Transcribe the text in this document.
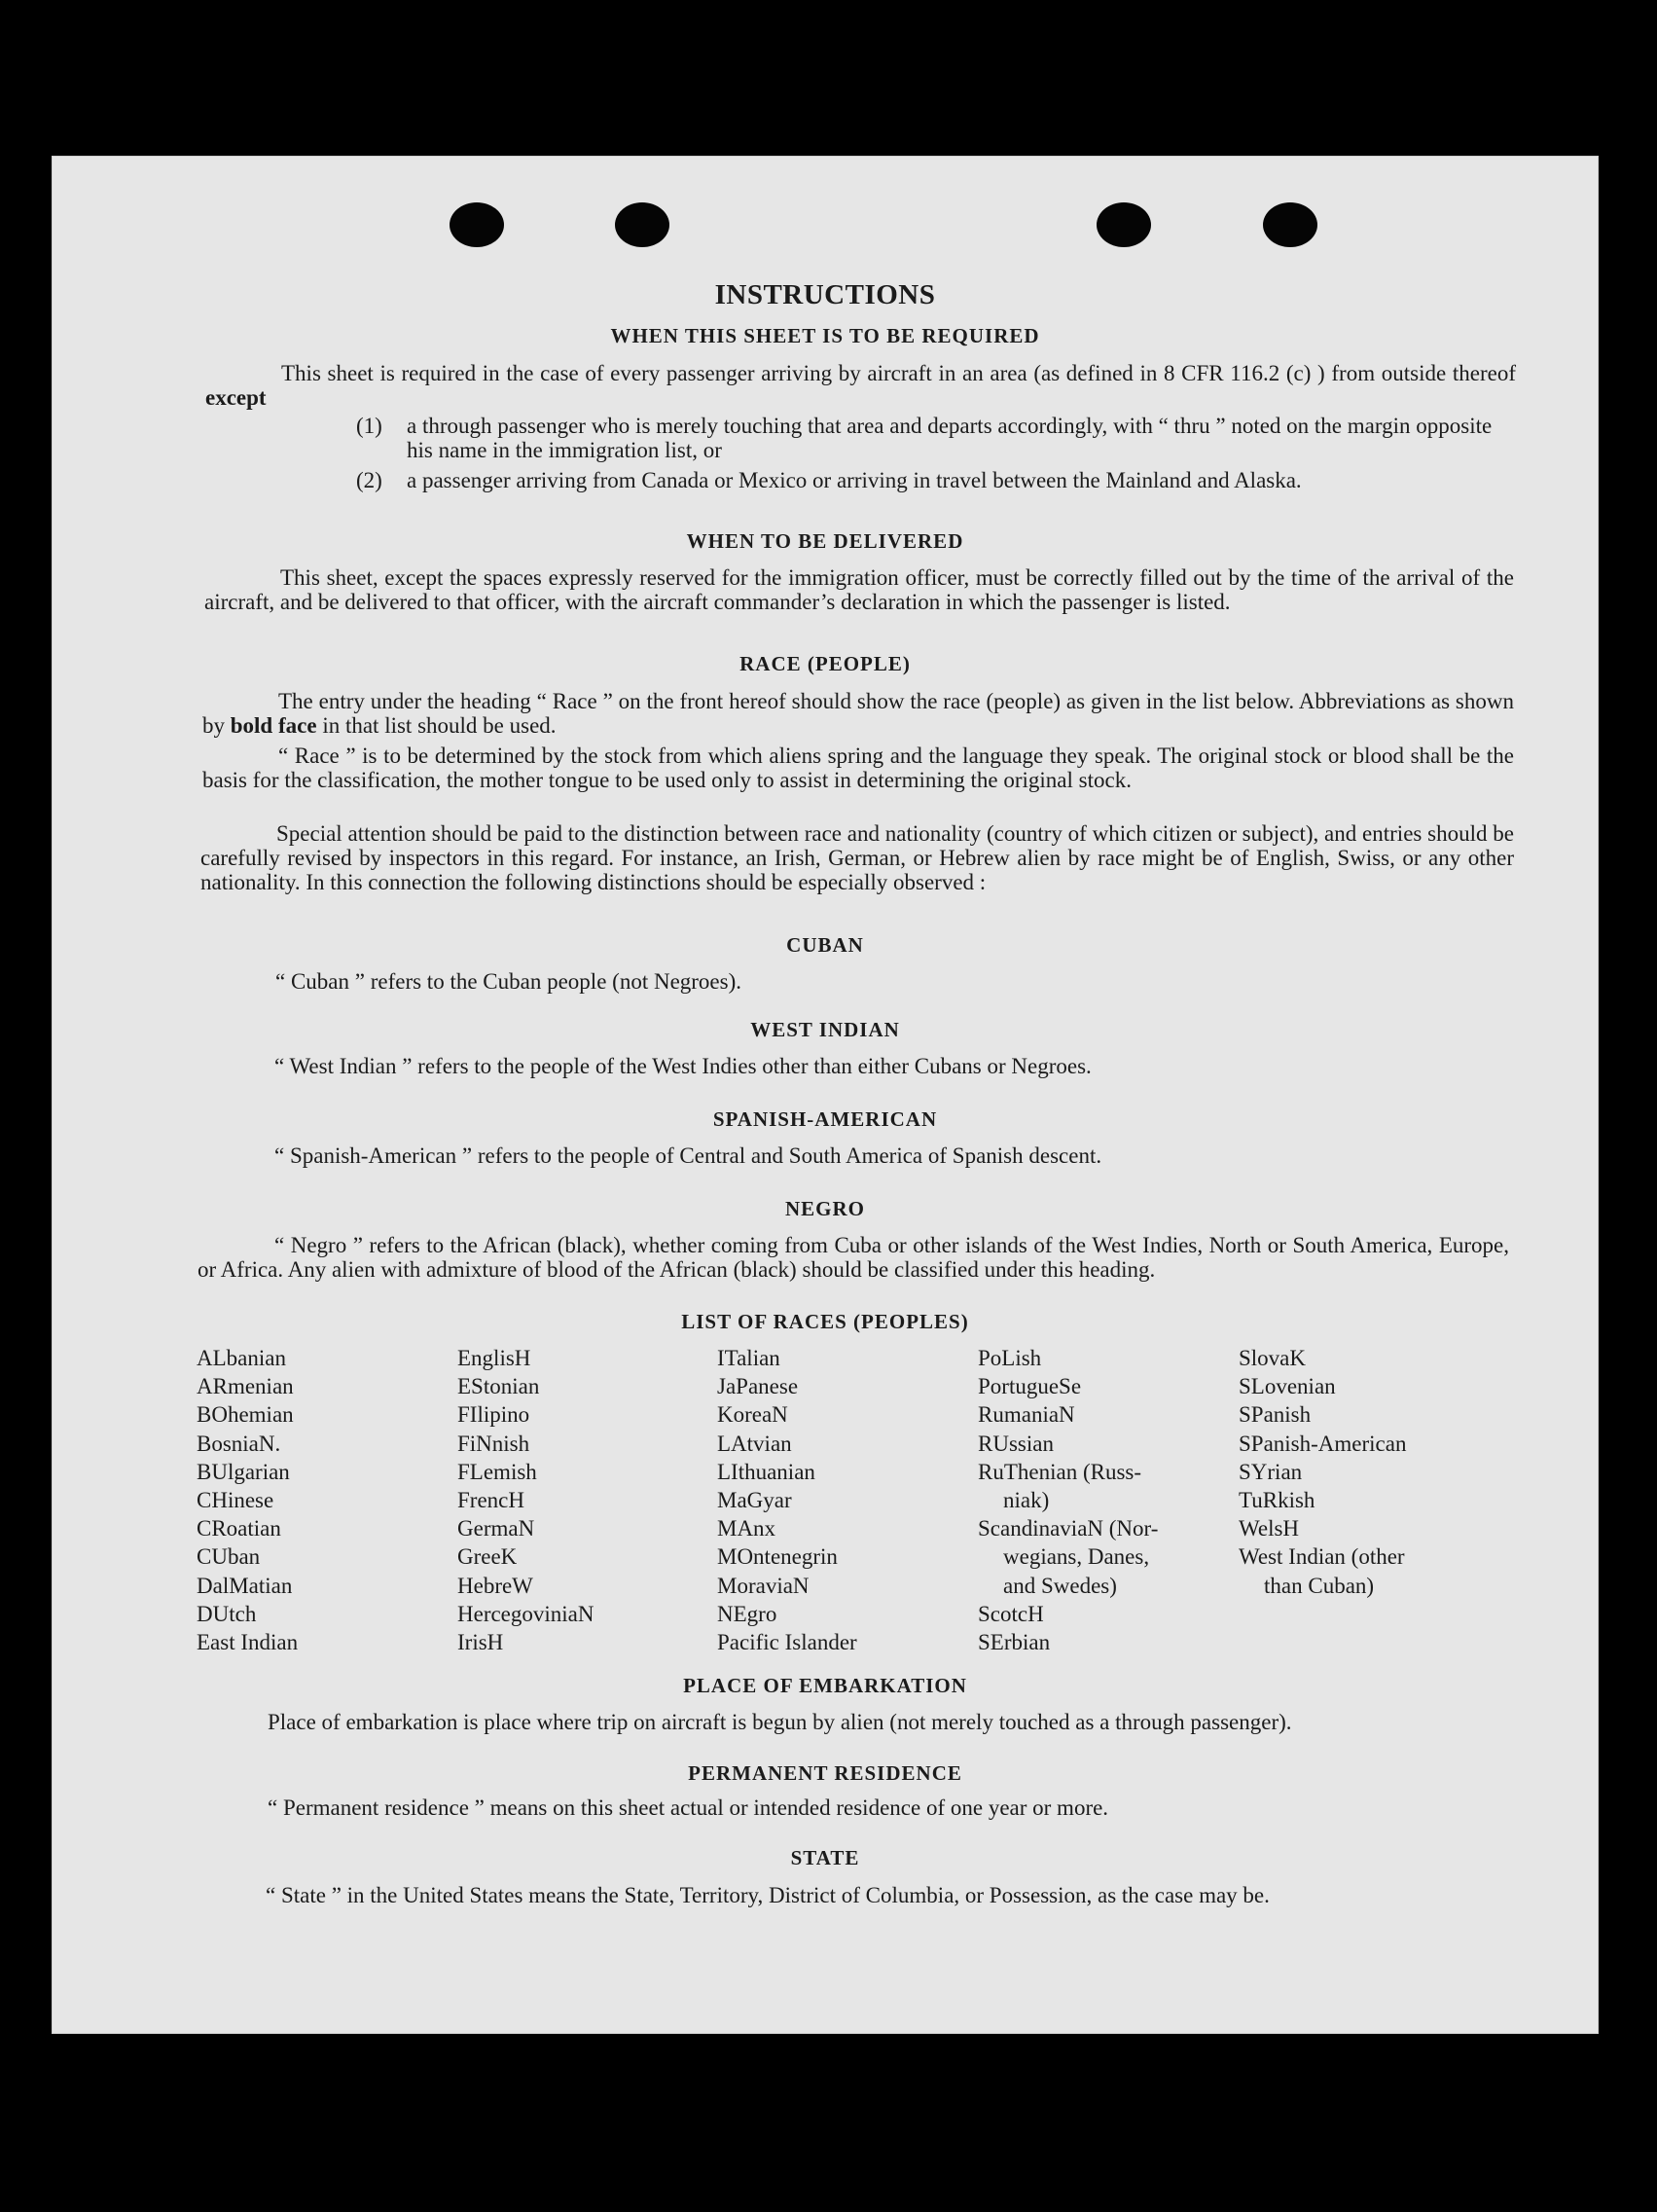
INSTRUCTIONS
WHEN THIS SHEET IS TO BE REQUIRED

This sheet is required in the case of every passenger arriving by aircraft in an area (as defined in 8 CFR 116.2 (c) ) from outside thereof except

(1) a through passenger who is merely touching that area and departs accordingly, with “ thru ” noted on the margin opposite his name in the immigration list, or

(2) a passenger arriving from Canada or Mexico or arriving in travel between the Mainland and Alaska.

WHEN TO BE DELIVERED

This sheet, except the spaces expressly reserved for the immigration officer, must be correctly filled out by the time of the arrival of the aircraft, and be delivered to that officer, with the aircraft commander’s declaration in which the passenger is listed.

RACE (PEOPLE)

The entry under the heading “ Race ” on the front hereof should show the race (people) as given in the list below. Abbreviations as shown by bold face in that list should be used.

“ Race ” is to be determined by the stock from which aliens spring and the language they speak. The original stock or blood shall be the basis for the classification, the mother tongue to be used only to assist in determining the original stock.

Special attention should be paid to the distinction between race and nationality (country of which citizen or subject), and entries should be carefully revised by inspectors in this regard. For instance, an Irish, German, or Hebrew alien by race might be of English, Swiss, or any other nationality. In this connection the following distinctions should be especially observed :

CUBAN

“ Cuban ” refers to the Cuban people (not Negroes).

WEST INDIAN

“ West Indian ” refers to the people of the West Indies other than either Cubans or Negroes.

SPANISH-AMERICAN

“ Spanish-American ” refers to the people of Central and South America of Spanish descent.

NEGRO

“ Negro ” refers to the African (black), whether coming from Cuba or other islands of the West Indies, North or South America, Europe, or Africa. Any alien with admixture of blood of the African (black) should be classified under this heading.

LIST OF RACES (PEOPLES)
ALbanian
ARmenian
BOhemian
BosniaN.
BUlgarian
CHinese
CRoatian
CUban
DalMatian
DUtch
East Indian
EnglisH
EStonian
FIlipino
FiNnish
FLemish
FrencH
GermaN
GreeK
HebreW
HercegoviniaN
IrisH
ITalian
JaPanese
KoreaN
LAtvian
LIthuanian
MaGyar
MAnx
MOntenegrin
MoraviaN
NEgro
Pacific Islander
PoLish
PortugueSe
RumaniaN
RUssian
RuThenian (Russ-
niak)
ScandinaviaN (Nor-
wegians, Danes,
and Swedes)
ScotcH
SErbian
SlovaK
SLovenian
SPanish
SPanish-American
SYrian
TuRkish
WelsH
West Indian (other
than Cuban)
PLACE OF EMBARKATION

Place of embarkation is place where trip on aircraft is begun by alien (not merely touched as a through passenger).

PERMANENT RESIDENCE

“ Permanent residence ” means on this sheet actual or intended residence of one year or more.

STATE

“ State ” in the United States means the State, Territory, District of Columbia, or Possession, as the case may be.
